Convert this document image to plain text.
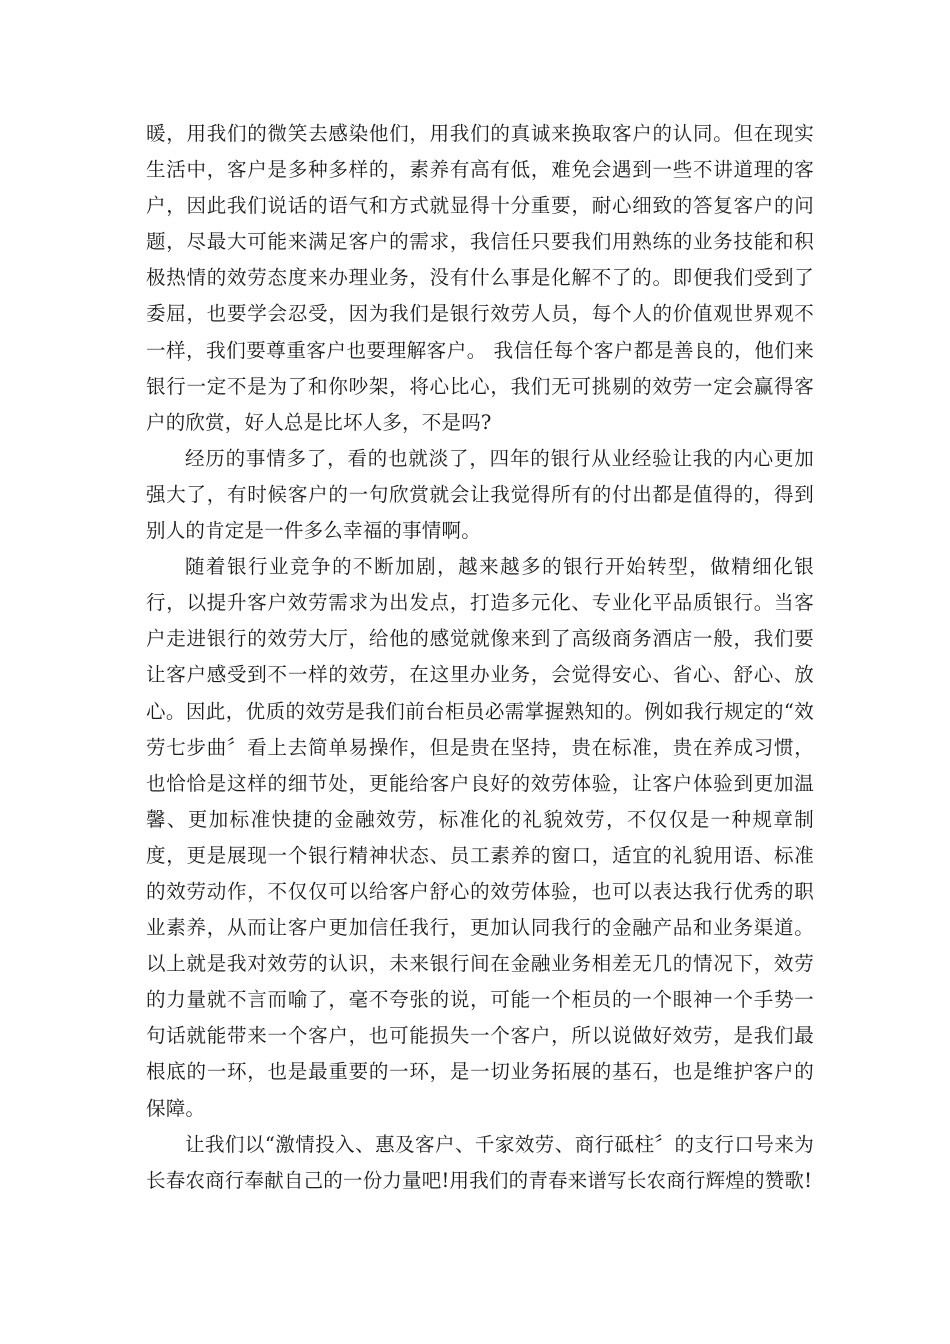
暖，用我们的微笑去感染他们，用我们的真诚来换取客户的认同。但在现实生活中，客户是多种多样的，素养有高有低，难免会遇到一些不讲道理的客户，因此我们说话的语气和方式就显得十分重要，耐心细致的答复客户的问题，尽最大可能来满足客户的需求，我信任只要我们用熟练的业务技能和积极热情的效劳态度来办理业务，没有什么事是化解不了的。即便我们受到了委屈，也要学会忍受，因为我们是银行效劳人员，每个人的价值观世界观不一样，我们要尊重客户也要理解客户。 我信任每个客户都是善良的，他们来银行一定不是为了和你吵架，将心比心，我们无可挑剔的效劳一定会赢得客户的欣赏，好人总是比坏人多，不是吗?

经历的事情多了，看的也就淡了，四年的银行从业经验让我的内心更加强大了，有时候客户的一句欣赏就会让我觉得所有的付出都是值得的，得到别人的肯定是一件多么幸福的事情啊。

随着银行业竞争的不断加剧，越来越多的银行开始转型，做精细化银行，以提升客户效劳需求为出发点，打造多元化、专业化平品质银行。当客户走进银行的效劳大厅，给他的感觉就像来到了高级商务酒店一般，我们要让客户感受到不一样的效劳，在这里办业务，会觉得安心、省心、舒心、放心。因此，优质的效劳是我们前台柜员必需掌握熟知的。例如我行规定的“效劳七步曲〞看上去简单易操作，但是贵在坚持，贵在标准，贵在养成习惯，也恰恰是这样的细节处，更能给客户良好的效劳体验，让客户体验到更加温馨、更加标准快捷的金融效劳，标准化的礼貌效劳，不仅仅是一种规章制度，更是展现一个银行精神状态、员工素养的窗口，适宜的礼貌用语、标准的效劳动作，不仅仅可以给客户舒心的效劳体验，也可以表达我行优秀的职业素养，从而让客户更加信任我行，更加认同我行的金融产品和业务渠道。 以上就是我对效劳的认识，未来银行间在金融业务相差无几的情况下，效劳的力量就不言而喻了，毫不夸张的说，可能一个柜员的一个眼神一个手势一句话就能带来一个客户，也可能损失一个客户，所以说做好效劳，是我们最根底的一环，也是最重要的一环，是一切业务拓展的基石，也是维护客户的保障。

让我们以“激情投入、惠及客户、千家效劳、商行砥柱〞的支行口号来为长春农商行奉献自己的一份力量吧!用我们的青春来谱写长农商行辉煌的赞歌!
